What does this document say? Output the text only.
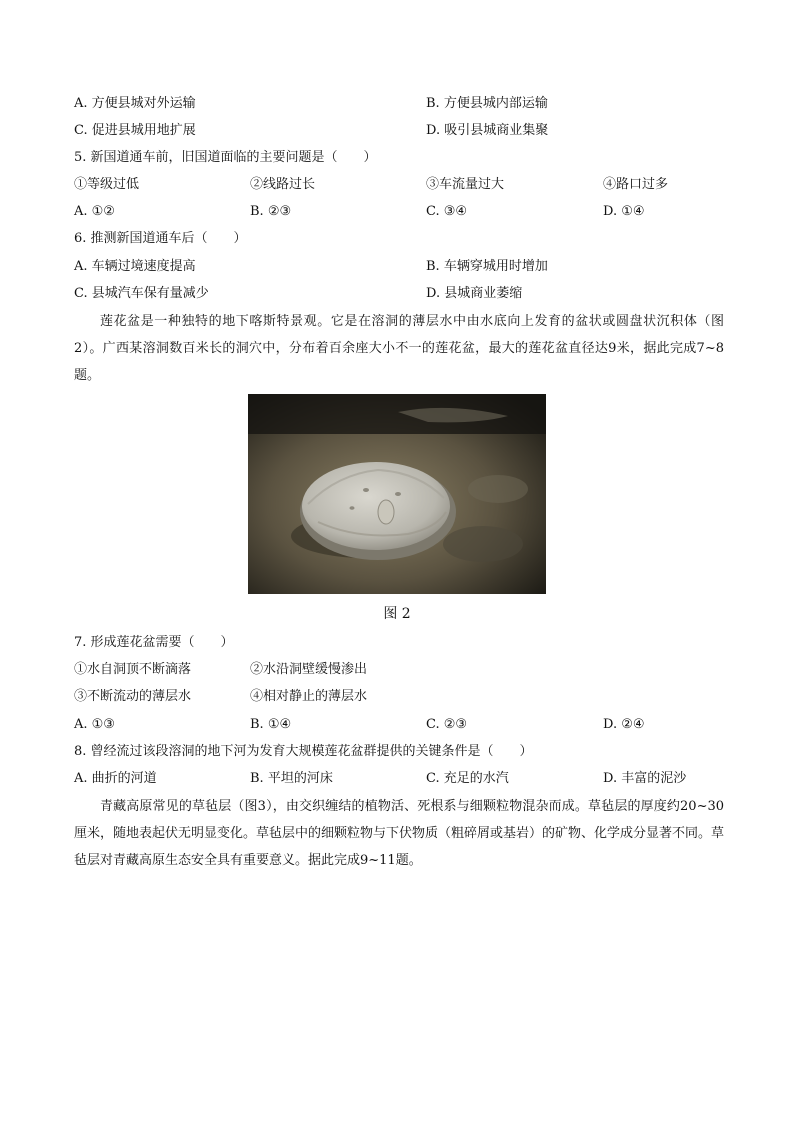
A. 方便县城对外运输	B. 方便县城内部运输
C. 促进县城用地扩展	D. 吸引县城商业集聚
5. 新国道通车前，旧国道面临的主要问题是（　　）
①等级过低	②线路过长	③车流量过大	④路口过多
A. ①②	B. ②③	C. ③④	D. ①④
6. 推测新国道通车后（　　）
A. 车辆过境速度提高	B. 车辆穿城用时增加
C. 县城汽车保有量减少	D. 县城商业萎缩
莲花盆是一种独特的地下喀斯特景观。它是在溶洞的薄层水中由水底向上发育的盆状或圆盘状沉积体（图2）。广西某溶洞数百米长的洞穴中，分布着百余座大小不一的莲花盆，最大的莲花盆直径达9米，据此完成7~8题。
图 2
7. 形成莲花盆需要（　　）
①水自洞顶不断滴落	②水沿洞壁缓慢渗出
③不断流动的薄层水	④相对静止的薄层水
A. ①③	B. ①④	C. ②③	D. ②④
8. 曾经流过该段溶洞的地下河为发育大规模莲花盆群提供的关键条件是（　　）
A. 曲折的河道	B. 平坦的河床	C. 充足的水汽	D. 丰富的泥沙
青藏高原常见的草毡层（图3），由交织缠结的植物活、死根系与细颗粒物混杂而成。草毡层的厚度约20~30厘米，随地表起伏无明显变化。草毡层中的细颗粒物与下伏物质（粗碎屑或基岩）的矿物、化学成分显著不同。草毡层对青藏高原生态安全具有重要意义。据此完成9~11题。
